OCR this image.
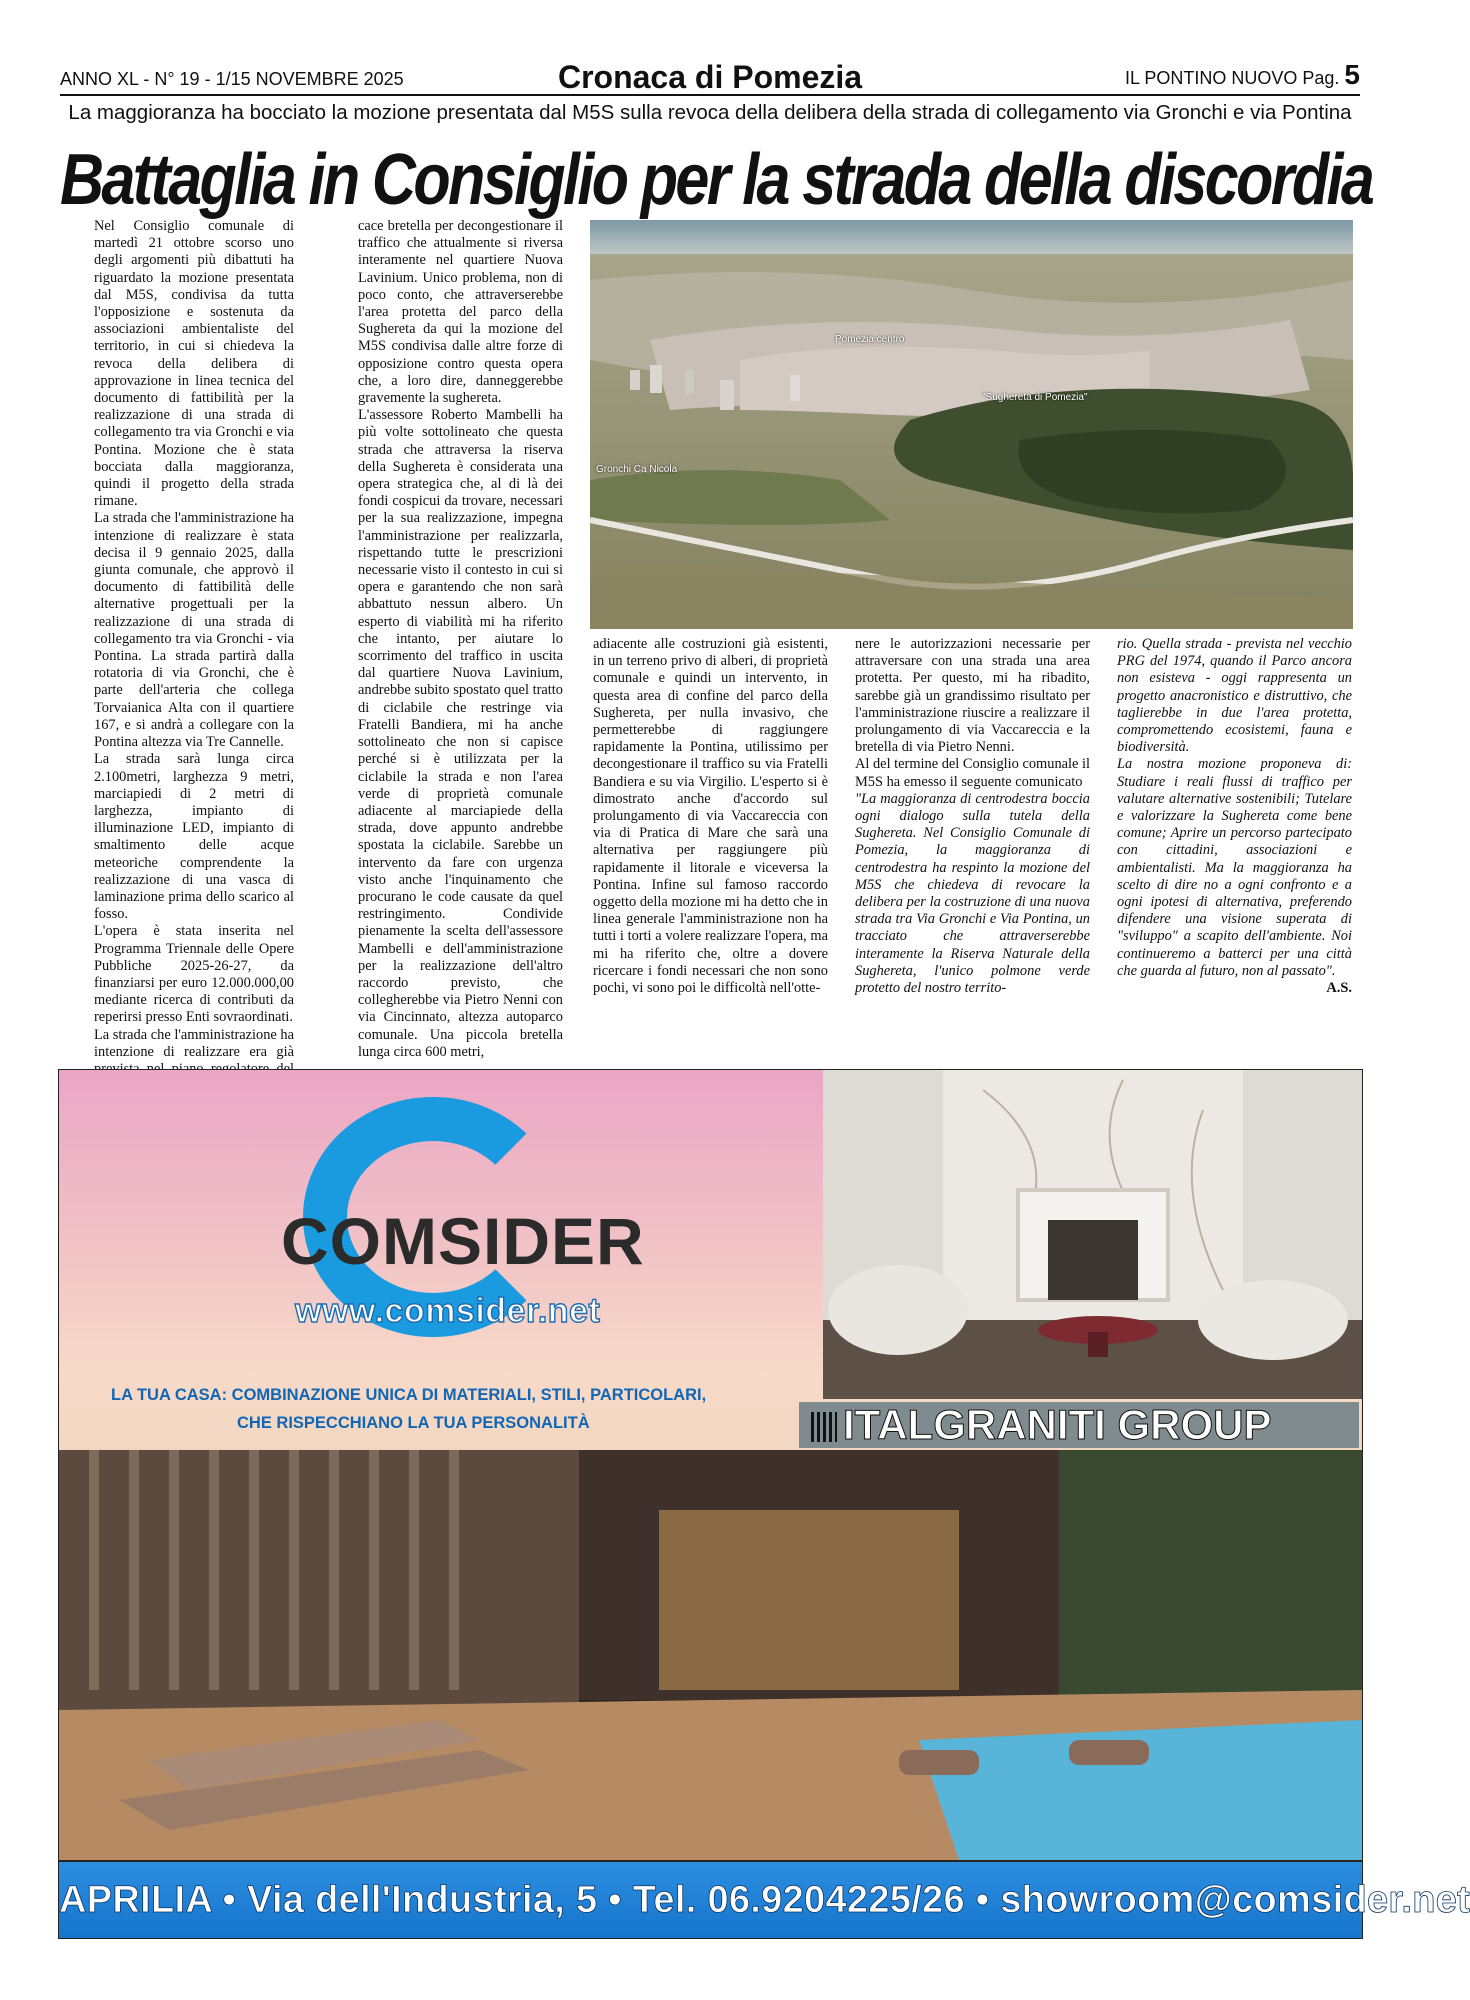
ANNO XL - N° 19 - 1/15 NOVEMBRE 2025	Cronaca di Pomezia	IL PONTINO NUOVO Pag. 5
La maggioranza ha bocciato la mozione presentata dal M5S sulla revoca della delibera della strada di collegamento via Gronchi e via Pontina
Battaglia in Consiglio per la strada della discordia

Nel Consiglio comunale di martedì 21 ottobre scorso uno degli argomenti più dibattuti ha riguardato la mozione presentata dal M5S, condivisa da tutta l'opposizione e sostenuta da associazioni ambientaliste del territorio, in cui si chiedeva la revoca della delibera di approvazione in linea tecnica del documento di fattibilità per la realizzazione di una strada di collegamento tra via Gronchi e via Pontina. Mozione che è stata bocciata dalla maggioranza, quindi il progetto della strada rimane.

La strada che l'amministrazione ha intenzione di realizzare è stata decisa il 9 gennaio 2025, dalla giunta comunale, che approvò il documento di fattibilità delle alternative progettuali per la realizzazione di una strada di collegamento tra via Gronchi - via Pontina. La strada partirà dalla rotatoria di via Gronchi, che è parte dell'arteria che collega Torvaianica Alta con il quartiere 167, e si andrà a collegare con la Pontina altezza via Tre Cannelle.

La strada sarà lunga circa 2.100metri, larghezza 9 metri, marciapiedi di 2 metri di larghezza, impianto di illuminazione LED, impianto di smaltimento delle acque meteoriche comprendente la realizzazione di una vasca di laminazione prima dello scarico al fosso.

L'opera è stata inserita nel Programma Triennale delle Opere Pubbliche 2025-26-27, da finanziarsi per euro 12.000.000,00 mediante ricerca di contributi da reperirsi presso Enti sovraordinati.

La strada che l'amministrazione ha intenzione di realizzare era già

cace bretella per decongestionare il traffico che attualmente si riversa interamente nel quartiere Nuova Lavinium. Unico problema, non di poco conto, che attraverserebbe l'area protetta del parco della Sughereta da qui la mozione del M5S condivisa dalle altre forze di opposizione contro questa opera che, a loro dire, danneggerebbe gravemente la sughereta.

L'assessore Roberto Mambelli ha più volte sottolineato che questa strada che attraversa la riserva della Sughereta è considerata una opera strategica che, al di là dei fondi cospicui da trovare, necessari per la sua realizzazione, impegna l'amministrazione per realizzarla, rispettando tutte le prescrizioni necessarie visto il contesto in cui si opera e garantendo che non sarà abbattuto nessun albero. Un esperto di viabilità mi ha riferito che intanto, per aiutare lo scorrimento del traffico in uscita dal quartiere Nuova Lavinium, andrebbe subito spostato quel tratto di ciclabile che restringe via Fratelli Bandiera, mi ha anche sottolineato che non si capisce perché si è utilizzata per la ciclabile la strada e non l'area verde di proprietà comunale adiacente al marciapiede della strada, dove appunto andrebbe spostata la ciclabile. Sarebbe un intervento da fare con urgenza visto anche l'inquinamento che procurano le code causate da quel restringimento. Condivide pienamente la scelta dell'assessore Mambelli e dell'amministrazione per la realizzazione dell'altro raccordo previsto, che collegherebbe via Pietro Nenni con via Cincinnato, altezza autoparco comunale. Una piccola bretella lunga circa 600 metri,

Pomezia centro
"Sughereta di Pomezia"
Gronchi Ca Nicola

adiacente alle costruzioni già esistenti, in un terreno privo di alberi, di proprietà comunale e quindi un intervento, in questa area di confine del parco della Sughereta, per nulla invasivo, che permetterebbe di raggiungere rapidamente la Pontina, utilissimo per decongestionare il traffico su via Fratelli Bandiera e su via Virgilio. L'esperto si è dimostrato anche d'accordo sul prolungamento di via Vaccareccia con via di Pratica di Mare che sarà una alternativa per raggiungere più rapidamente il litorale e viceversa la Pontina. Infine sul famoso raccordo oggetto della mozione mi ha detto che in linea generale l'amministrazione non ha tutti i torti a volere realizzare l'opera, ma mi ha riferito che, oltre a dovere ricercare i fondi necessari che non sono pochi, vi sono poi le difficoltà nell'otte-

nere le autorizzazioni necessarie per attraversare con una strada una area protetta. Per questo, mi ha ribadito, sarebbe già un grandissimo risultato per l'amministrazione riuscire a realizzare il prolungamento di via Vaccareccia e la bretella di via Pietro Nenni.

Al del termine del Consiglio comunale il M5S ha emesso il seguente comunicato

"La maggioranza di centrodestra boccia ogni dialogo sulla tutela della Sughereta. Nel Consiglio Comunale di Pomezia, la maggioranza di centrodestra ha respinto la mozione del M5S che chiedeva di revocare la delibera per la costruzione di una nuova strada tra Via Gronchi e Via Pontina, un tracciato che attraverserebbe interamente la Riserva Naturale della Sughereta, l'unico polmone verde protetto del nostro territo-

rio. Quella strada - prevista nel vecchio PRG del 1974, quando il Parco ancora non esisteva - oggi rappresenta un progetto anacronistico e distruttivo, che taglierebbe in due l'area protetta, compromettendo ecosistemi, fauna e biodiversità.

La nostra mozione proponeva di: Studiare i reali flussi di traffico per valutare alternative sostenibili; Tutelare e valorizzare la Sughereta come bene comune; Aprire un percorso partecipato con cittadini, associazioni e ambientalisti. Ma la maggioranza ha scelto di dire no a ogni confronto e a ogni ipotesi di alternativa, preferendo difendere una visione superata di "sviluppo" a scapito dell'ambiente. Noi continueremo a batterci per una città che guarda al futuro, non al passato".

A.S.

COMSIDER
www.comsider.net
LA TUA CASA: COMBINAZIONE UNICA DI MATERIALI, STILI, PARTICOLARI,
CHE RISPECCHIANO LA TUA PERSONALITÀ	ITALGRANITI GROUP
APRILIA • Via dell'Industria, 5 • Tel. 06.9204225/26 • showroom@comsider.net
